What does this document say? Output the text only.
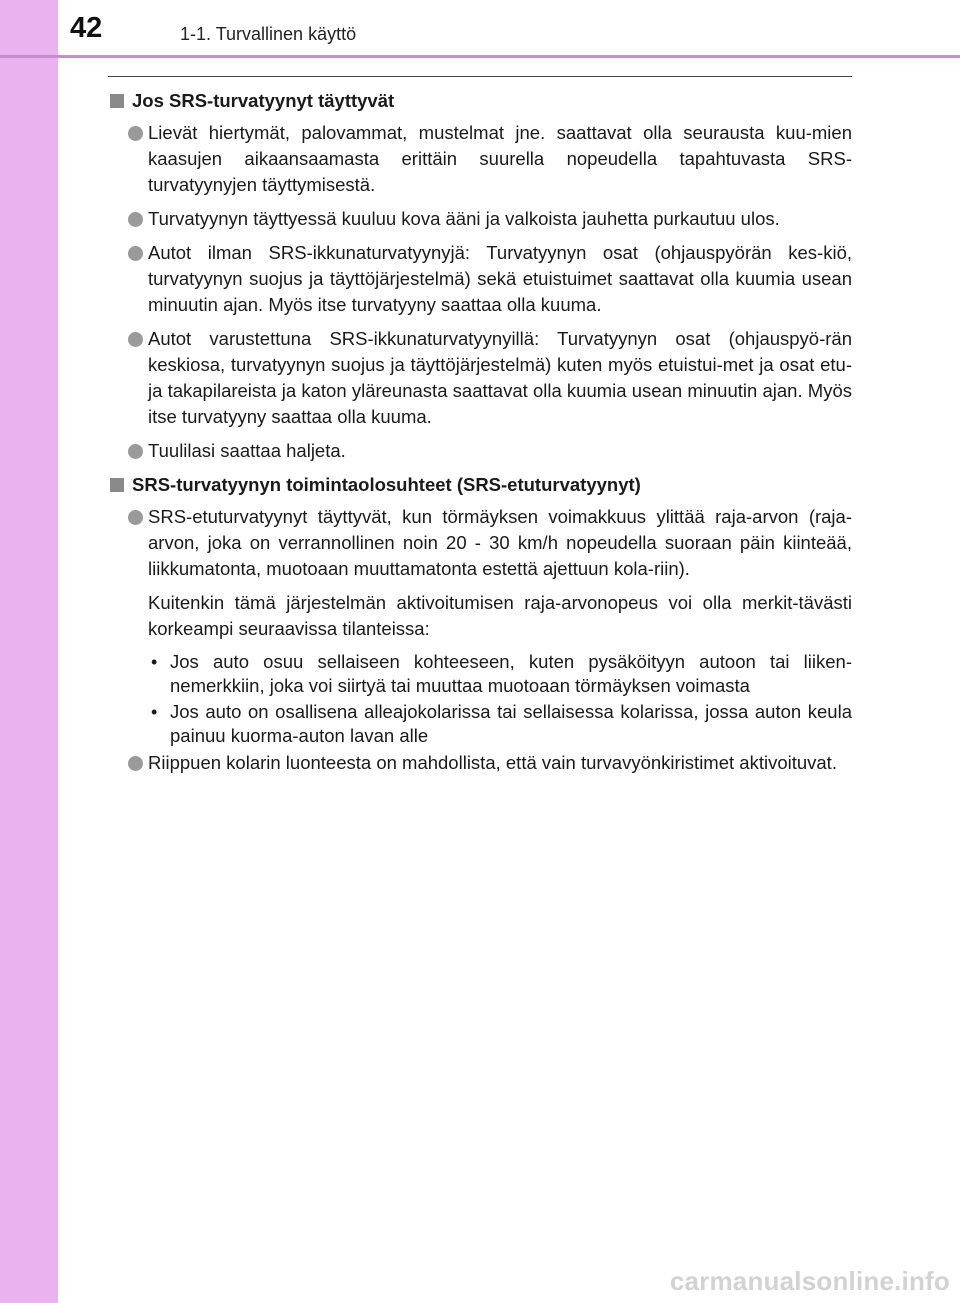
42	1-1. Turvallinen käyttö
Jos SRS-turvatyynyt täyttyvät
Lievät hiertymät, palovammat, mustelmat jne. saattavat olla seurausta kuu-mien kaasujen aikaansaamasta erittäin suurella nopeudella tapahtuvasta SRS-turvatyynyjen täyttymisestä.
Turvatyynyn täyttyessä kuuluu kova ääni ja valkoista jauhetta purkautuu ulos.
Autot ilman SRS-ikkunaturvatyynyjä: Turvatyynyn osat (ohjauspyörän kes-kiö, turvatyynyn suojus ja täyttöjärjestelmä) sekä etuistuimet saattavat olla kuumia usean minuutin ajan. Myös itse turvatyyny saattaa olla kuuma.
Autot varustettuna SRS-ikkunaturvatyynyillä: Turvatyynyn osat (ohjauspyö-rän keskiosa, turvatyynyn suojus ja täyttöjärjestelmä) kuten myös etuistui-met ja osat etu- ja takapilareista ja katon yläreunasta saattavat olla kuumia usean minuutin ajan. Myös itse turvatyyny saattaa olla kuuma.
Tuulilasi saattaa haljeta.
SRS-turvatyynyn toimintaolosuhteet (SRS-etuturvatyynyt)
SRS-etuturvatyynyt täyttyvät, kun törmäyksen voimakkuus ylittää raja-arvon (raja-arvon, joka on verrannollinen noin 20 - 30 km/h nopeudella suoraan päin kiinteää, liikkumatonta, muotoaan muuttamatonta estettä ajettuun kola-riin).
Kuitenkin tämä järjestelmän aktivoitumisen raja-arvonopeus voi olla merkit-tävästi korkeampi seuraavissa tilanteissa:
• Jos auto osuu sellaiseen kohteeseen, kuten pysäköityyn autoon tai liiken-nemerkkiin, joka voi siirtyä tai muuttaa muotoaan törmäyksen voimasta
• Jos auto on osallisena alleajokolarissa tai sellaisessa kolarissa, jossa auton keula painuu kuorma-auton lavan alle
Riippuen kolarin luonteesta on mahdollista, että vain turvavyönkiristimet aktivoituvat.
carmanualsonline.info
